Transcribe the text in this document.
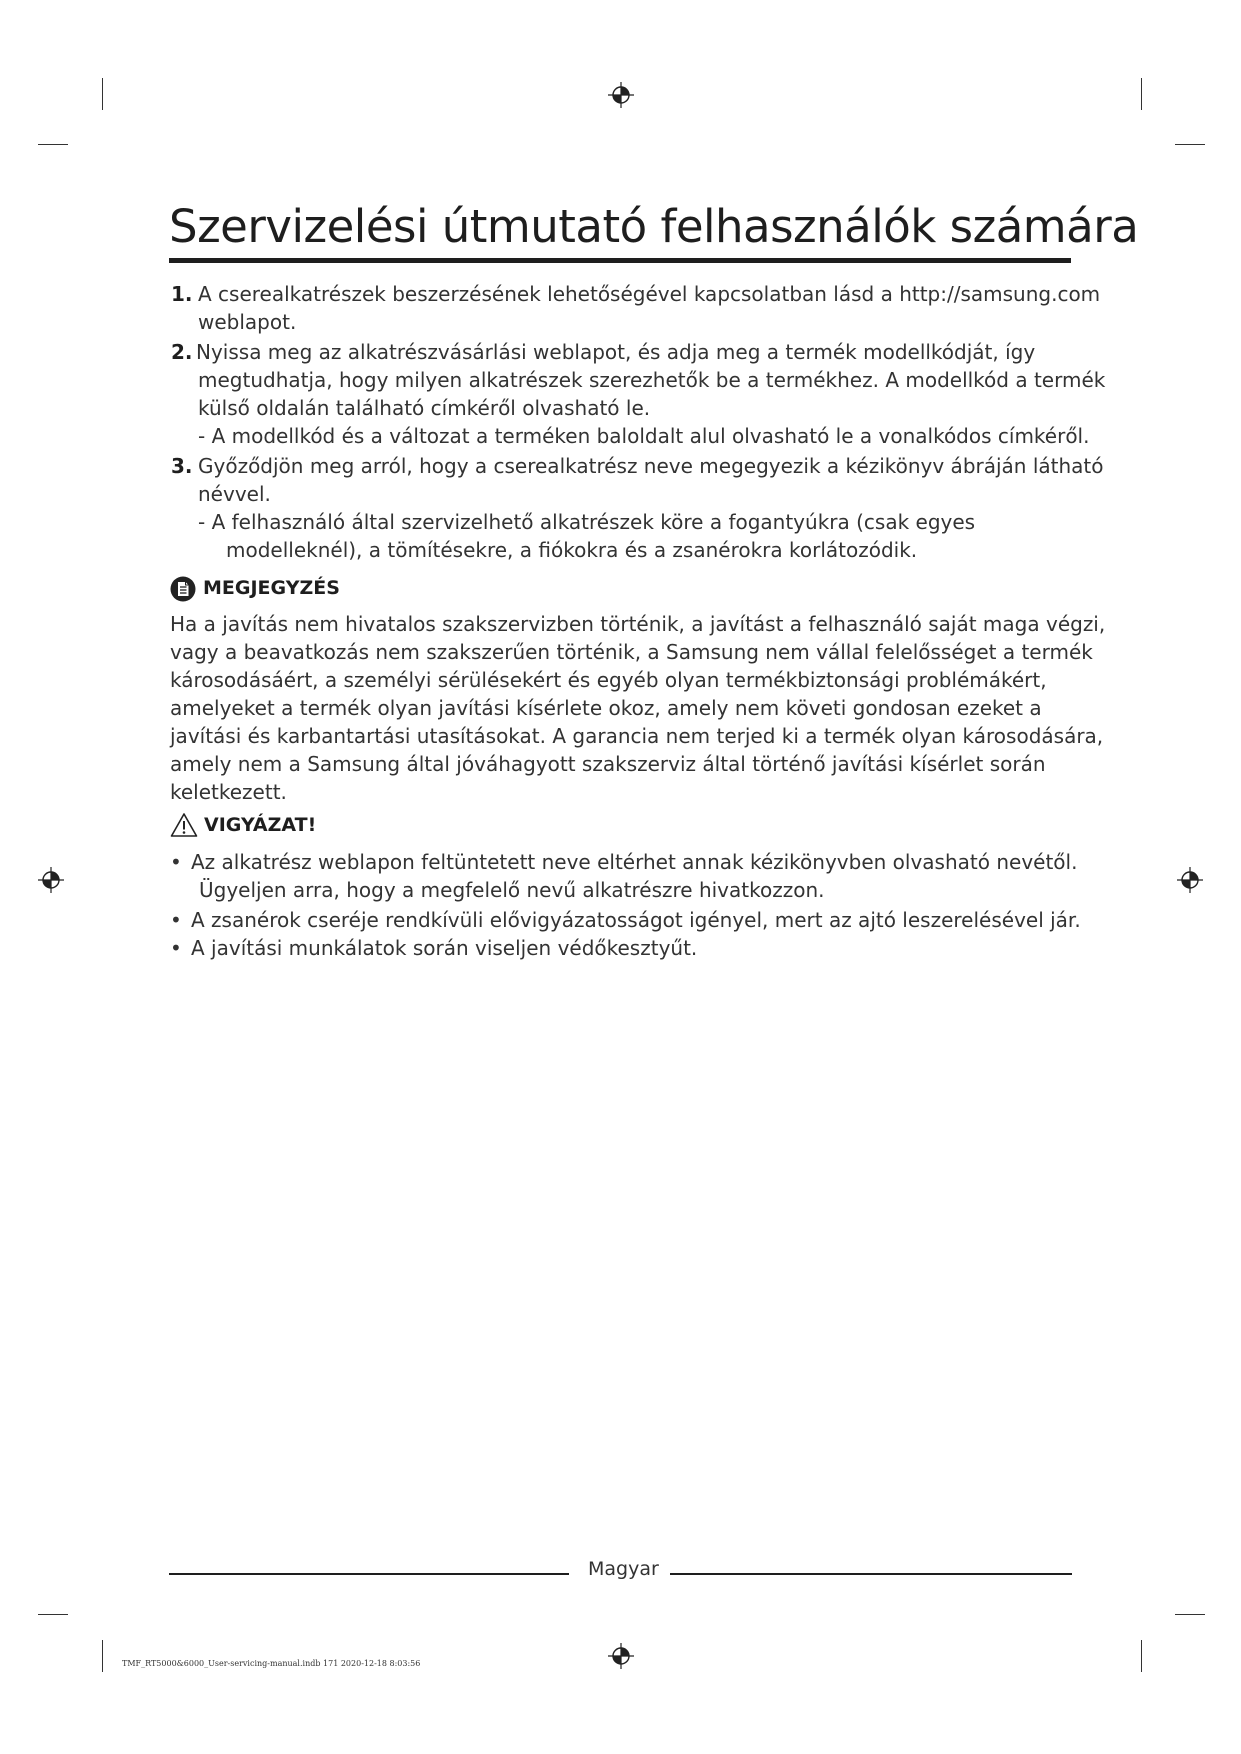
Szervizelési útmutató felhasználók számára
1. A cserealkatrészek beszerzésének lehetőségével kapcsolatban lásd a http://samsung.com
weblapot.
2. Nyissa meg az alkatrészvásárlási weblapot, és adja meg a termék modellkódját, így
megtudhatja, hogy milyen alkatrészek szerezhetők be a termékhez. A modellkód a termék
külső oldalán található címkéről olvasható le.
- A modellkód és a változat a terméken baloldalt alul olvasható le a vonalkódos címkéről.
3. Győződjön meg arról, hogy a cserealkatrész neve megegyezik a kézikönyv ábráján látható
névvel.
- A felhasználó által szervizelhető alkatrészek köre a fogantyúkra (csak egyes
modelleknél), a tömítésekre, a fiókokra és a zsanérokra korlátozódik.
MEGJEGYZÉS
Ha a javítás nem hivatalos szakszervizben történik, a javítást a felhasználó saját maga végzi,
vagy a beavatkozás nem szakszerűen történik, a Samsung nem vállal felelősséget a termék
károsodásáért, a személyi sérülésekért és egyéb olyan termékbiztonsági problémákért,
amelyeket a termék olyan javítási kísérlete okoz, amely nem követi gondosan ezeket a
javítási és karbantartási utasításokat. A garancia nem terjed ki a termék olyan károsodására,
amely nem a Samsung által jóváhagyott szakszerviz által történő javítási kísérlet során
keletkezett.
VIGYÁZAT!
• Az alkatrész weblapon feltüntetett neve eltérhet annak kézikönyvben olvasható nevétől.
Ügyeljen arra, hogy a megfelelő nevű alkatrészre hivatkozzon.
• A zsanérok cseréje rendkívüli elővigyázatosságot igényel, mert az ajtó leszerelésével jár.
• A javítási munkálatok során viseljen védőkesztyűt.
Magyar
TMF_RT5000&6000_User-servicing-manual.indb 171 2020-12-18 ￼8:03:56
